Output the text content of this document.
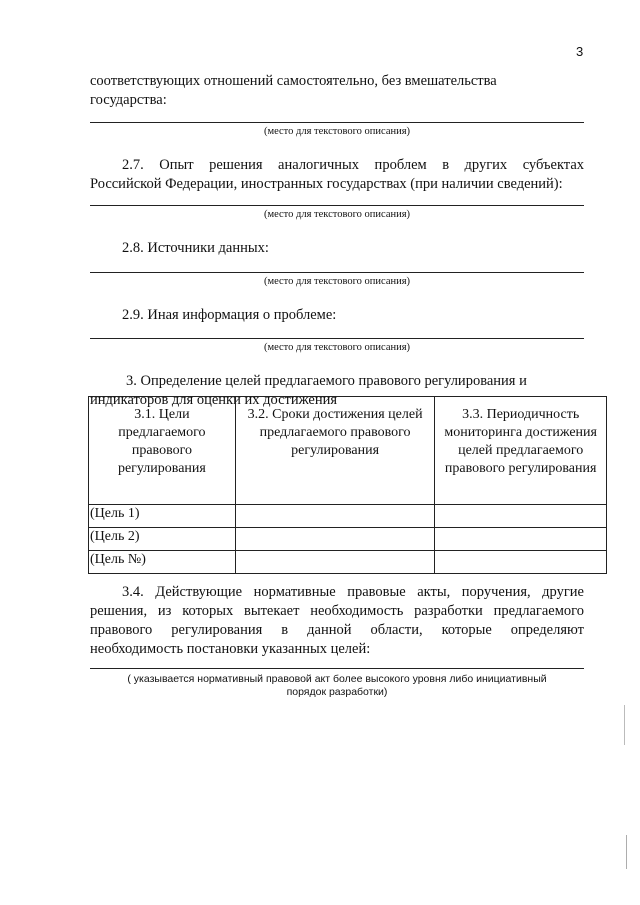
3
соответствующих отношений самостоятельно, без вмешательства
государства:
(место для текстового описания)
2.7. Опыт решения аналогичных проблем в других субъектах
Российской Федерации, иностранных государствах (при наличии сведений):
(место для текстового описания)
2.8. Источники данных:
(место для текстового описания)
2.9. Иная информация о проблеме:
(место для текстового описания)
3. Определение целей предлагаемого правового регулирования и
индикаторов для оценки их достижения
3.1. Цели предлагаемого правового регулирования	3.2. Сроки достижения целей предлагаемого правового регулирования	3.3. Периодичность мониторинга достижения целей предлагаемого правового регулирования
(Цель 1)		
(Цель 2)		
(Цель №)		
3.4. Действующие нормативные правовые акты, поручения, другие
решения, из которых вытекает необходимость разработки предлагаемого
правового регулирования в данной области, которые определяют
необходимость постановки указанных целей:
( указывается нормативный правовой акт более высокого уровня либо инициативный
порядок разработки)
